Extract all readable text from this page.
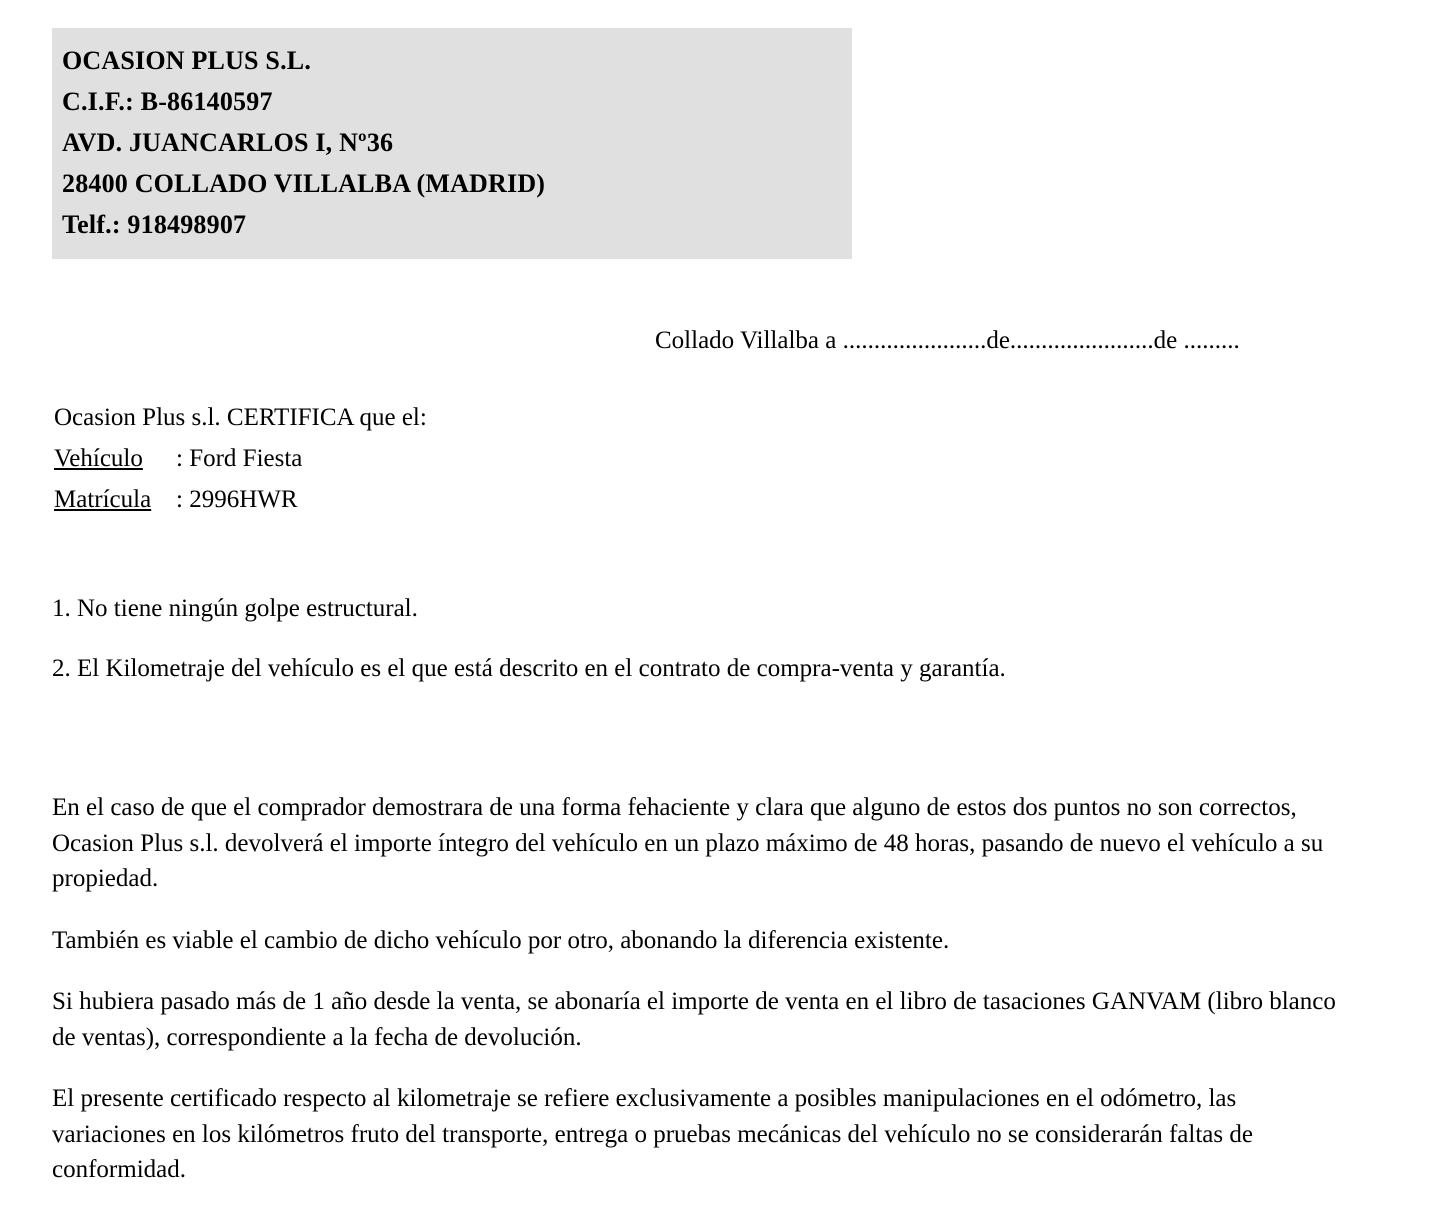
OCASION PLUS S.L.
C.I.F.: B-86140597
AVD. JUANCARLOS I, Nº36
28400 COLLADO VILLALBA (MADRID)
Telf.: 918498907
Collado Villalba a .......................de.......................de .........
Ocasion Plus s.l. CERTIFICA que el:
Vehículo : Ford Fiesta
Matrícula : 2996HWR
1. No tiene ningún golpe estructural.
2. El Kilometraje del vehículo es el que está descrito en el contrato de compra-venta y garantía.

En el caso de que el comprador demostrara de una forma fehaciente y clara que alguno de estos dos puntos no son correctos, Ocasion Plus s.l. devolverá el importe íntegro del vehículo en un plazo máximo de 48 horas, pasando de nuevo el vehículo a su propiedad.

También es viable el cambio de dicho vehículo por otro, abonando la diferencia existente.

Si hubiera pasado más de 1 año desde la venta, se abonaría el importe de venta en el libro de tasaciones GANVAM (libro blanco de ventas), correspondiente a la fecha de devolución.

El presente certificado respecto al kilometraje se refiere exclusivamente a posibles manipulaciones en el odómetro, las variaciones en los kilómetros fruto del transporte, entrega o pruebas mecánicas del vehículo no se considerarán faltas de conformidad.
